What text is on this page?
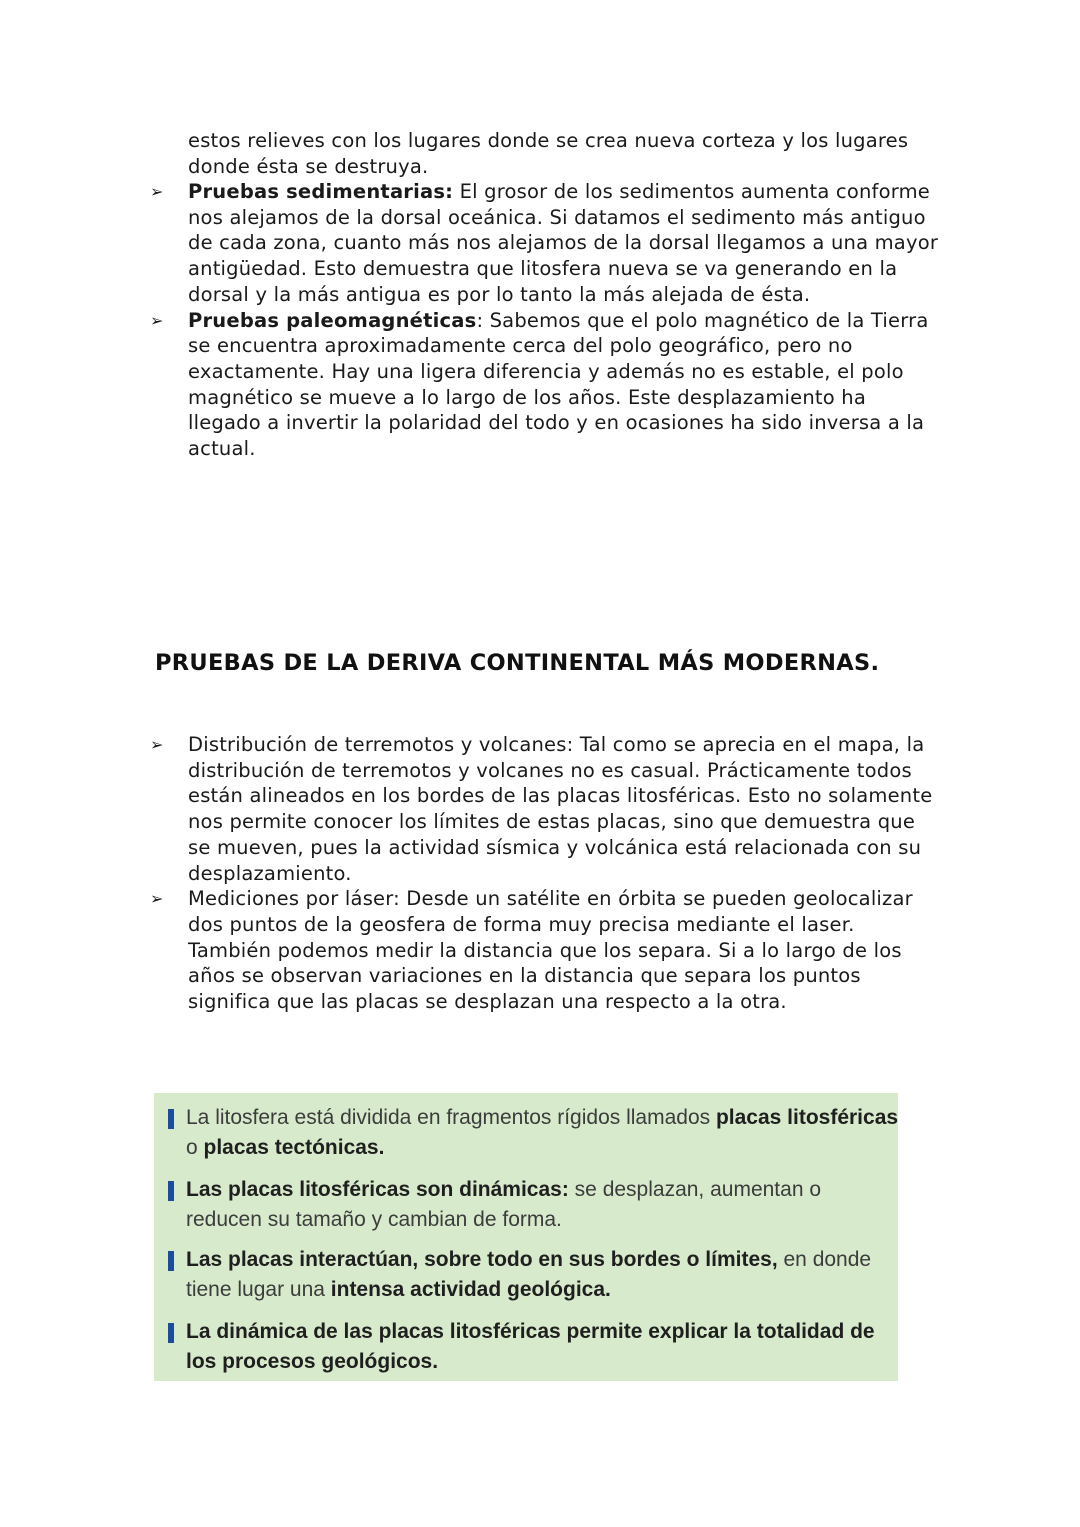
estos relieves con los lugares donde se crea nueva corteza y los lugares donde ésta se destruya.
➢	Pruebas sedimentarias: El grosor de los sedimentos aumenta conforme nos alejamos de la dorsal oceánica. Si datamos el sedimento más antiguo de cada zona, cuanto más nos alejamos de la dorsal llegamos a una mayor antigüedad. Esto demuestra que litosfera nueva se va generando en la dorsal y la más antigua es por lo tanto la más alejada de ésta.
➢	Pruebas paleomagnéticas: Sabemos que el polo magnético de la Tierra se encuentra aproximadamente cerca del polo geográfico, pero no exactamente. Hay una ligera diferencia y además no es estable, el polo magnético se mueve a lo largo de los años. Este desplazamiento ha llegado a invertir la polaridad del todo y en ocasiones ha sido inversa a la actual.
PRUEBAS DE LA DERIVA CONTINENTAL MÁS MODERNAS.
➢	Distribución de terremotos y volcanes: Tal como se aprecia en el mapa, la distribución de terremotos y volcanes no es casual. Prácticamente todos están alineados en los bordes de las placas litosféricas. Esto no solamente nos permite conocer los límites de estas placas, sino que demuestra que se mueven, pues la actividad sísmica y volcánica está relacionada con su desplazamiento.
➢	Mediciones por láser: Desde un satélite en órbita se pueden geolocalizar dos puntos de la geosfera de forma muy precisa mediante el laser. También podemos medir la distancia que los separa. Si a lo largo de los años se observan variaciones en la distancia que separa los puntos significa que las placas se desplazan una respecto a la otra.
La litosfera está dividida en fragmentos rígidos llamados placas litosféricas o placas tectónicas.
Las placas litosféricas son dinámicas: se desplazan, aumentan o reducen su tamaño y cambian de forma.
Las placas interactúan, sobre todo en sus bordes o límites, en donde tiene lugar una intensa actividad geológica.
La dinámica de las placas litosféricas permite explicar la totalidad de los procesos geológicos.
